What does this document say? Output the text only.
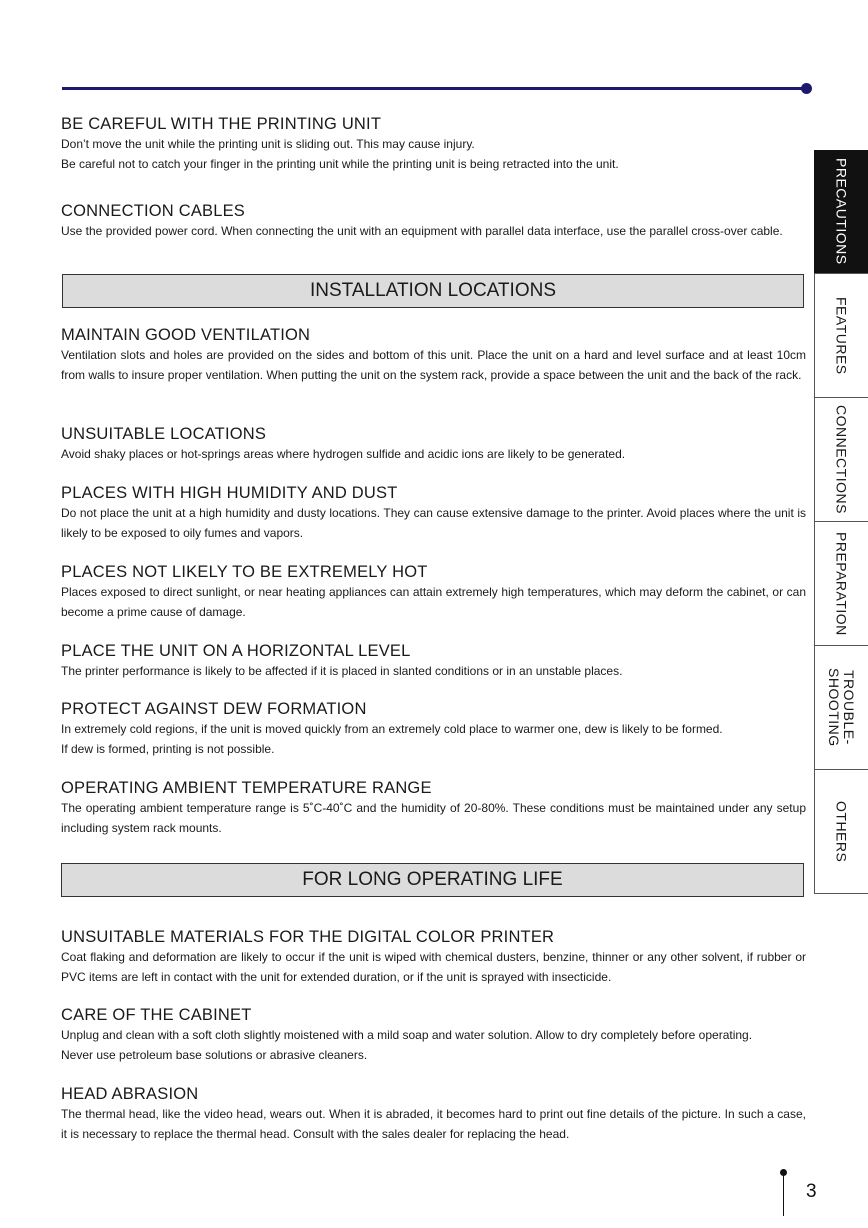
BE CAREFUL WITH THE PRINTING UNIT

Don’t move the unit while the printing unit is sliding out. This may cause injury.

Be careful not to catch your finger in the printing unit while the printing unit is being retracted into the unit.

CONNECTION CABLES

Use the provided power cord. When connecting the unit with an equipment with parallel data interface, use the parallel cross-over cable.

INSTALLATION LOCATIONS
MAINTAIN GOOD VENTILATION

Ventilation slots and holes are provided on the sides and bottom of this unit. Place the unit on a hard and level surface and at least 10cm from walls to insure proper ventilation. When putting the unit on the system rack, provide a space between the unit and the back of the rack.

UNSUITABLE LOCATIONS

Avoid shaky places or hot-springs areas where hydrogen sulfide and acidic ions are likely to be generated.

PLACES WITH HIGH HUMIDITY AND DUST

Do not place the unit at a high humidity and dusty locations. They can cause extensive damage to the printer. Avoid places where the unit is likely to be exposed to oily fumes and vapors.

PLACES NOT LIKELY TO BE EXTREMELY HOT

Places exposed to direct sunlight, or near heating appliances can attain extremely high temperatures, which may deform the cabinet, or can become a prime cause of damage.

PLACE THE UNIT ON A HORIZONTAL LEVEL

The printer performance is likely to be affected if it is placed in slanted conditions or in an unstable places.

PROTECT AGAINST DEW FORMATION

In extremely cold regions, if the unit is moved quickly from an extremely cold place to warmer one, dew is likely to be formed.

If dew is formed, printing is not possible.

OPERATING AMBIENT TEMPERATURE RANGE

The operating ambient temperature range is 5˚C-40˚C and the humidity of 20-80%. These conditions must be maintained under any setup including system rack mounts.

FOR LONG OPERATING LIFE
UNSUITABLE MATERIALS FOR THE DIGITAL COLOR PRINTER

Coat flaking and deformation are likely to occur if the unit is wiped with chemical dusters, benzine, thinner or any other solvent, if rubber or PVC items are left in contact with the unit for extended duration, or if the unit is sprayed with insecticide.

CARE OF THE CABINET

Unplug and clean with a soft cloth slightly moistened with a mild soap and water solution. Allow to dry completely before operating.

Never use petroleum base solutions or abrasive cleaners.

HEAD ABRASION

The thermal head, like the video head, wears out. When it is abraded, it becomes hard to print out fine details of the picture. In such a case, it is necessary to replace the thermal head. Consult with the sales dealer for replacing the head.

PRECAUTIONS
FEATURES
CONNECTIONS
PREPARATION
TROUBLE-
SHOOTING
OTHERS
3
